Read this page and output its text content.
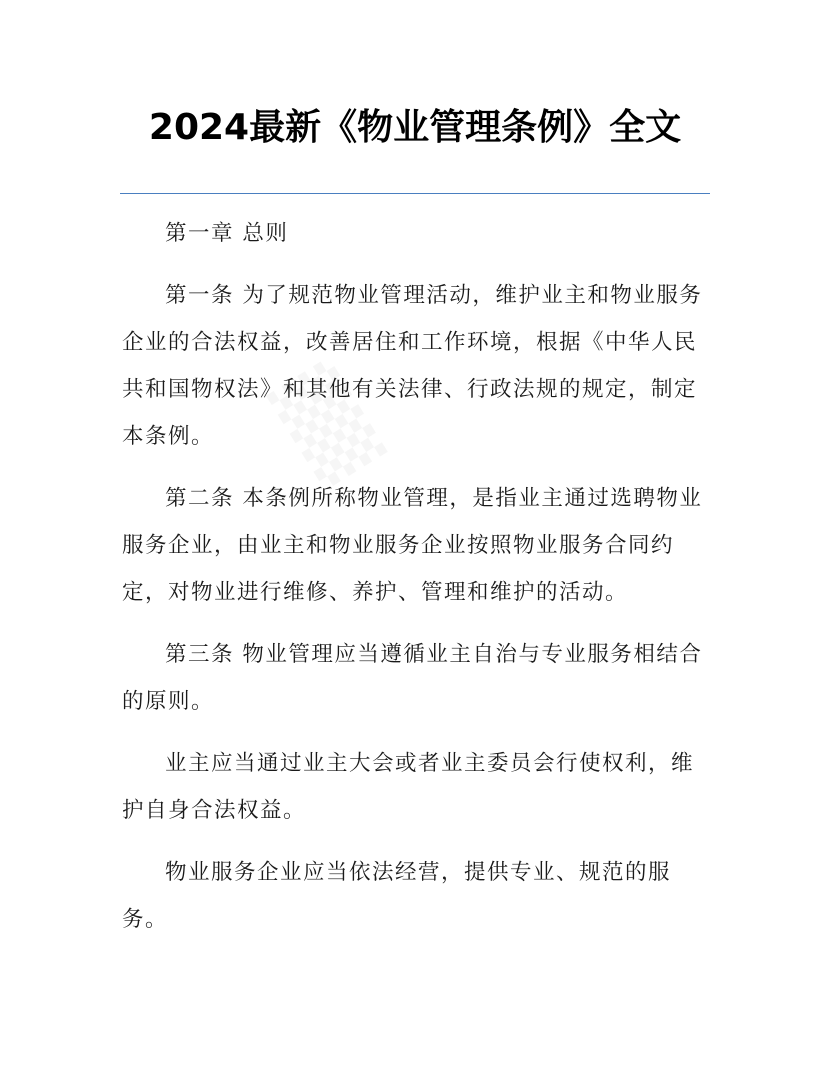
2024最新《物业管理条例》全文

第一章 总则

第一条 为了规范物业管理活动，维护业主和物业服务企业的合法权益，改善居住和工作环境，根据《中华人民共和国物权法》和其他有关法律、行政法规的规定，制定本条例。

第二条 本条例所称物业管理，是指业主通过选聘物业服务企业，由业主和物业服务企业按照物业服务合同约定，对物业进行维修、养护、管理和维护的活动。

第三条 物业管理应当遵循业主自治与专业服务相结合的原则。

业主应当通过业主大会或者业主委员会行使权利，维护自身合法权益。

物业服务企业应当依法经营，提供专业、规范的服务。
